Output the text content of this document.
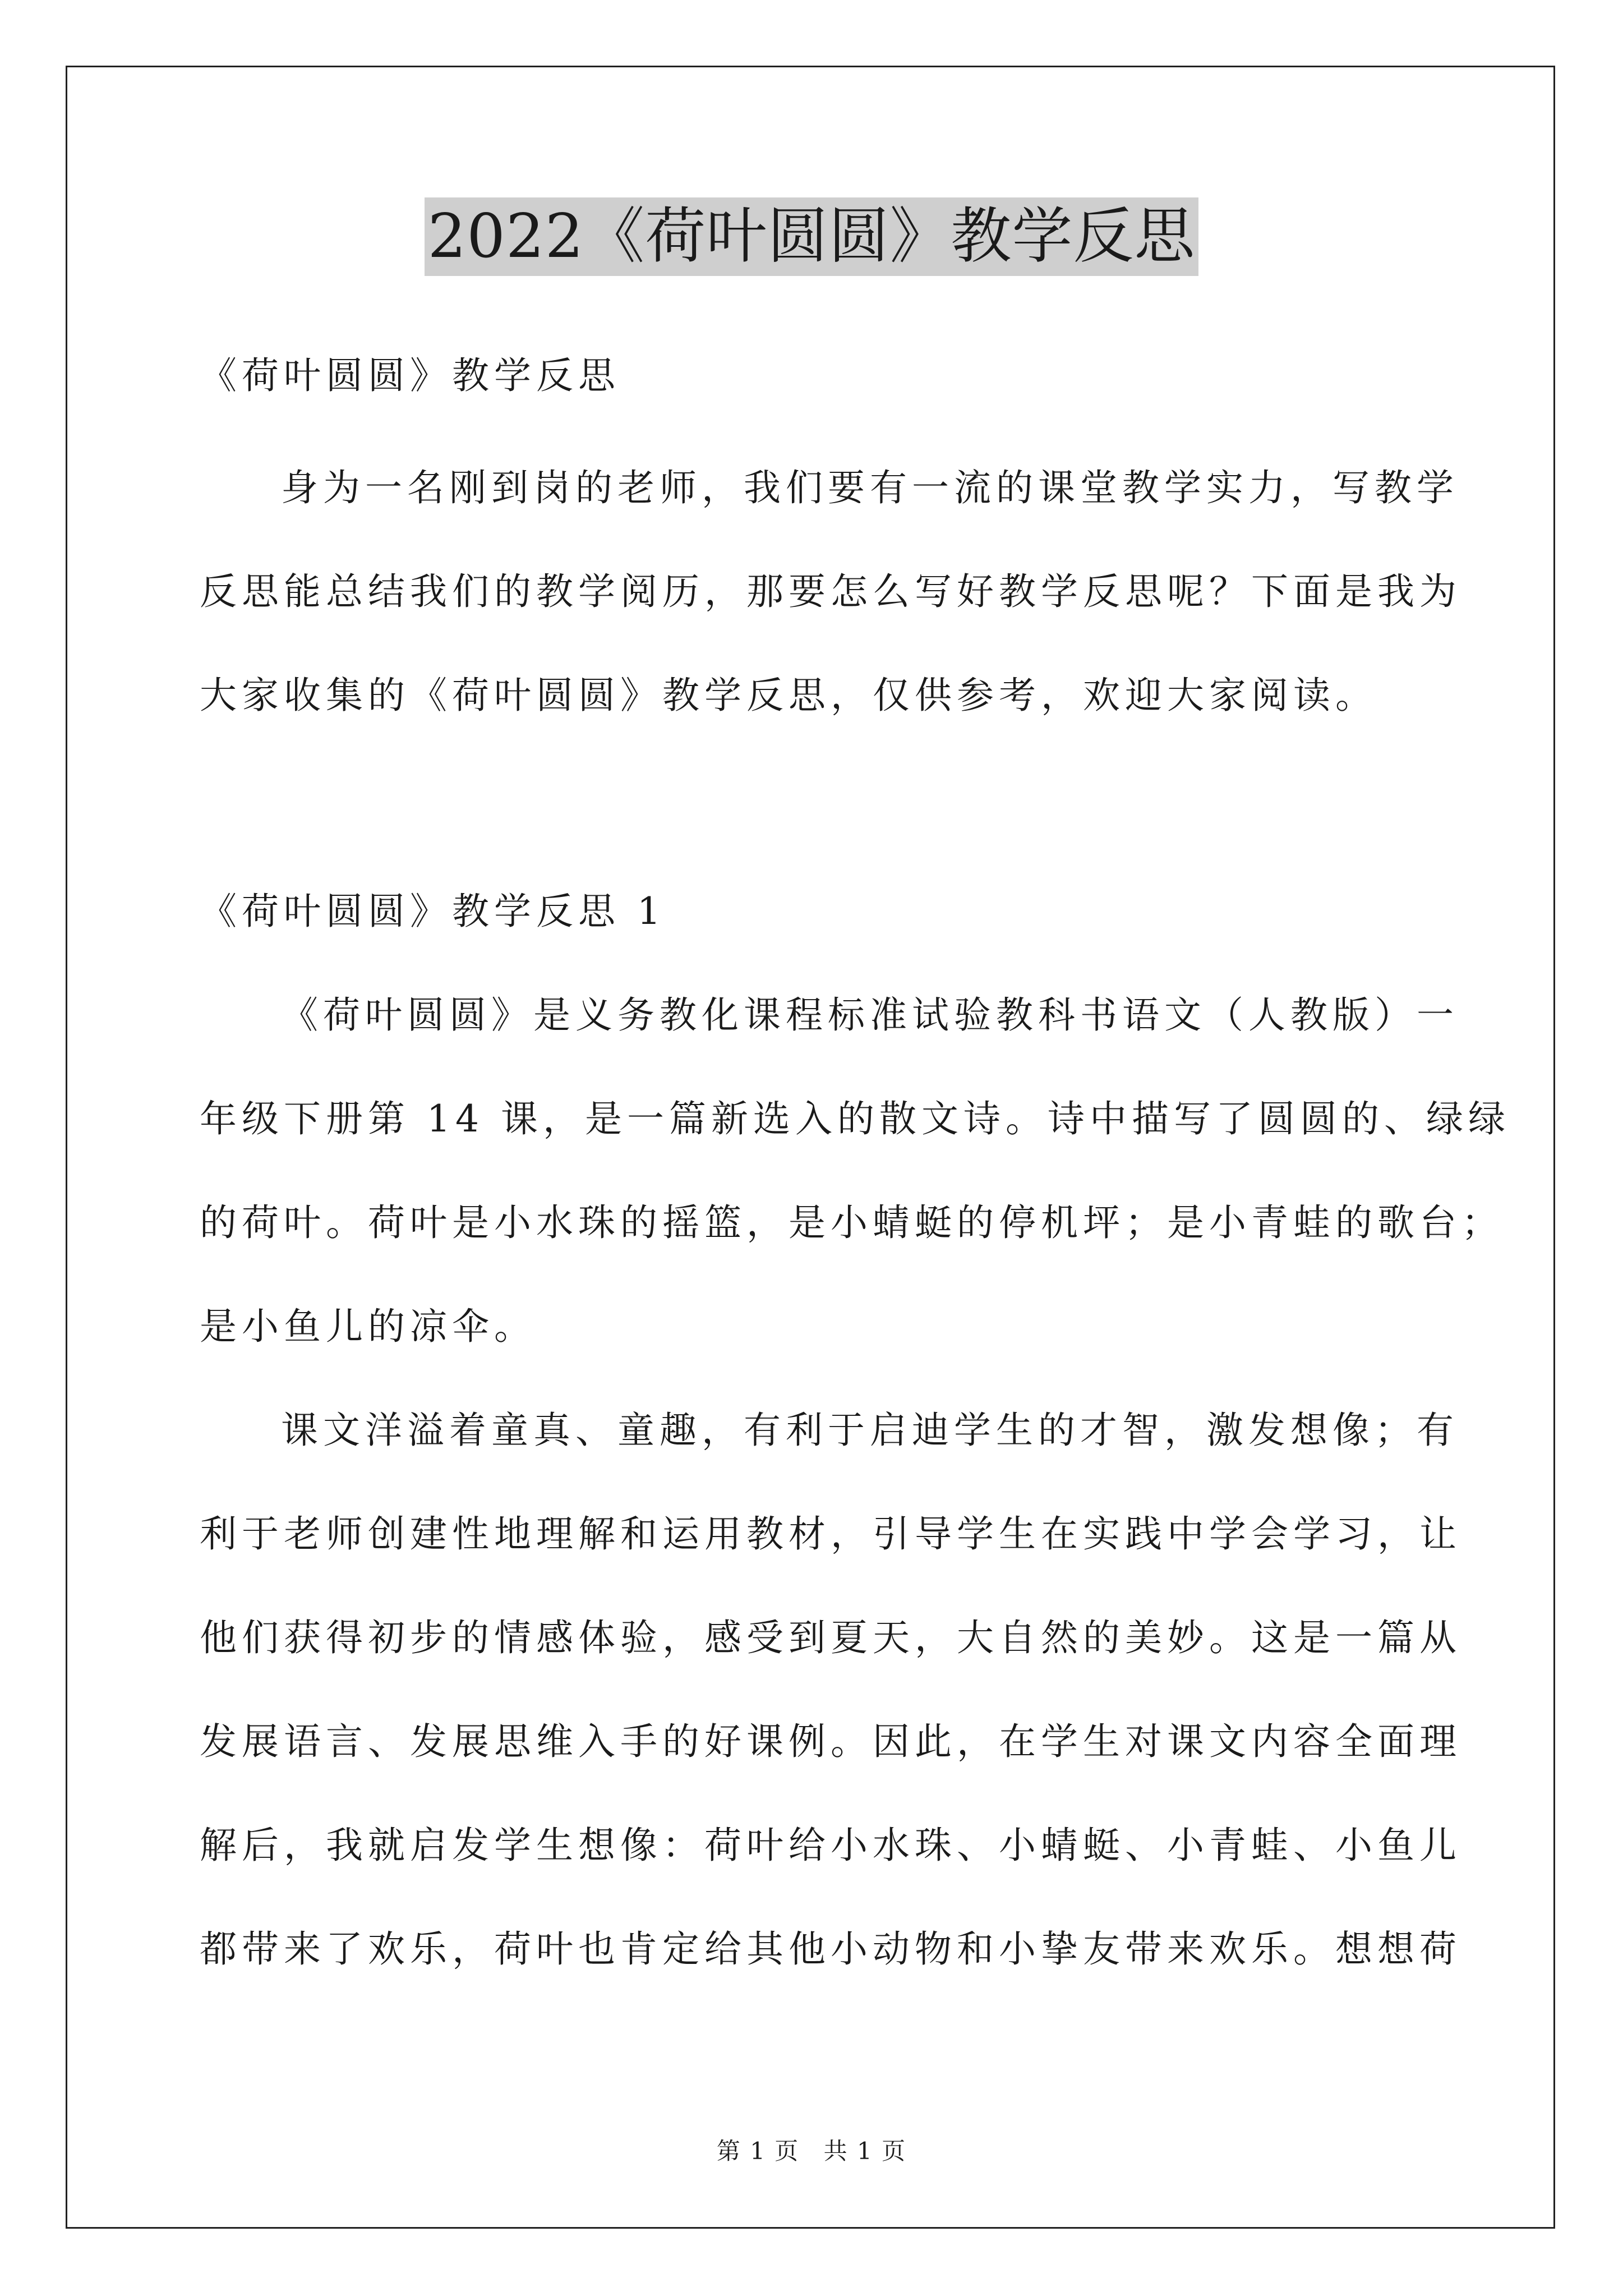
2022《荷叶圆圆》教学反思
《荷叶圆圆》教学反思
身为一名刚到岗的老师，我们要有一流的课堂教学实力，写教学
反思能总结我们的教学阅历，那要怎么写好教学反思呢？下面是我为
大家收集的《荷叶圆圆》教学反思，仅供参考，欢迎大家阅读。
《荷叶圆圆》教学反思 1
《荷叶圆圆》是义务教化课程标准试验教科书语文（人教版）一
年级下册第 14 课，是一篇新选入的散文诗。诗中描写了圆圆的、绿绿
的荷叶。荷叶是小水珠的摇篮，是小蜻蜓的停机坪；是小青蛙的歌台；
是小鱼儿的凉伞。
课文洋溢着童真、童趣，有利于启迪学生的才智，激发想像；有
利于老师创建性地理解和运用教材，引导学生在实践中学会学习，让
他们获得初步的情感体验，感受到夏天，大自然的美妙。这是一篇从
发展语言、发展思维入手的好课例。因此，在学生对课文内容全面理
解后，我就启发学生想像：荷叶给小水珠、小蜻蜓、小青蛙、小鱼儿
都带来了欢乐，荷叶也肯定给其他小动物和小挚友带来欢乐。想想荷
第 1 页 共 1 页
